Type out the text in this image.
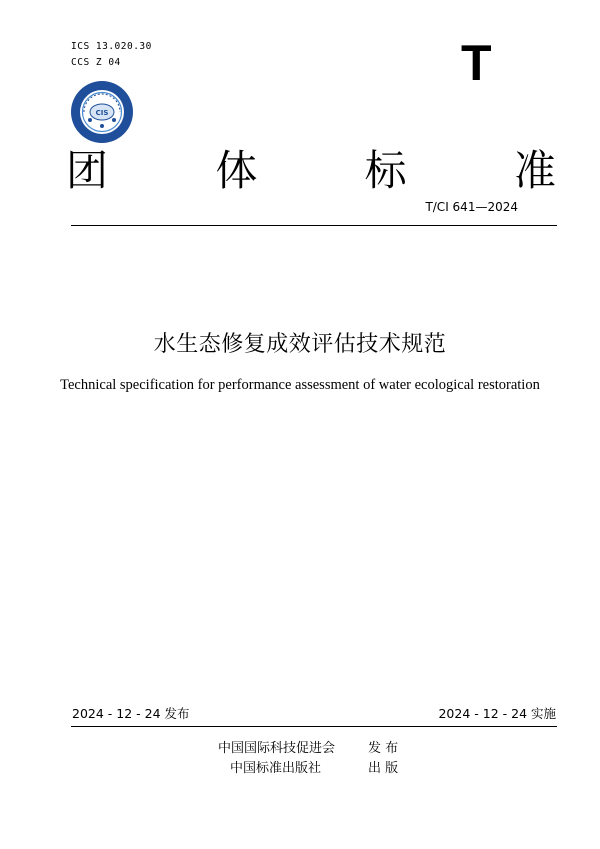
ICS 13.020.30
CCS Z 04	T
CIS
团	体	标	准
T/CI 641—2024
水生态修复成效评估技术规范
Technical specification for performance assessment of water ecological restoration
2024 - 12 - 24 发布	2024 - 12 - 24 实施
中国国际科技促进会	发 布
中国标准出版社	出 版
